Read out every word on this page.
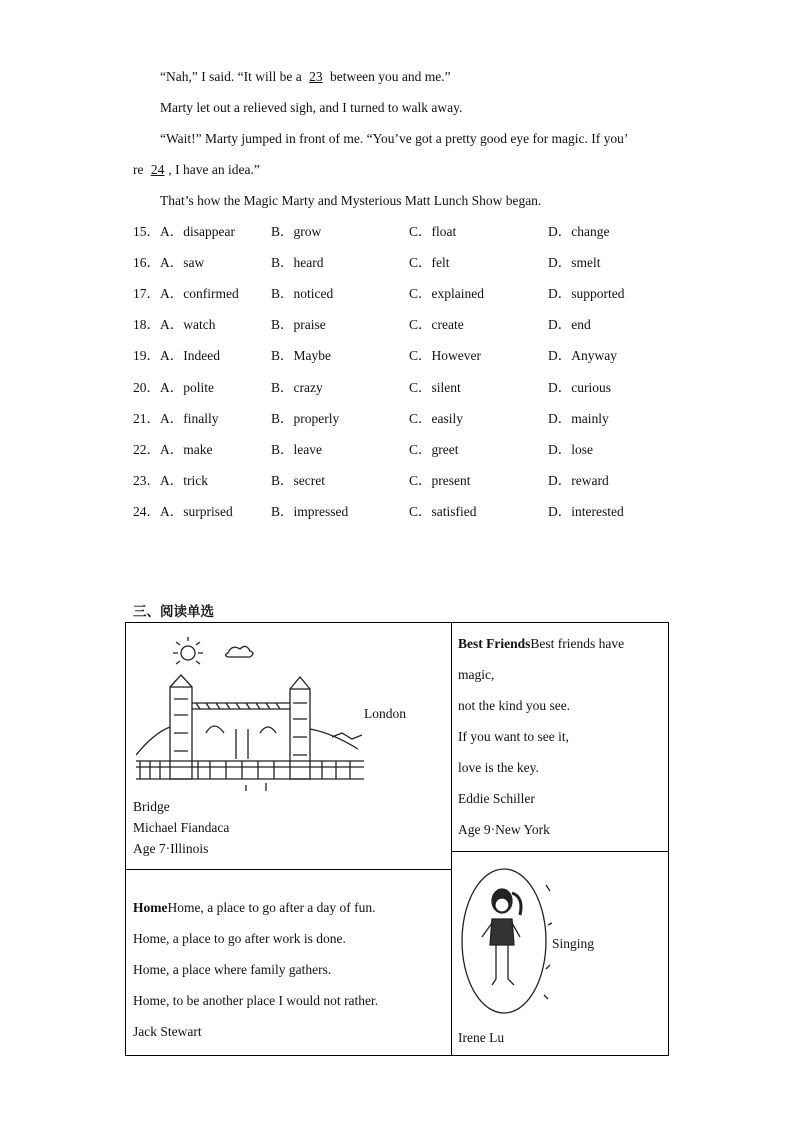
“Nah,” I said. “It will be a 23 between you and me.”
Marty let out a relieved sigh, and I turned to walk away.
“Wait!” Marty jumped in front of me. “You’ve got a pretty good eye for magic. If you’
re 24 , I have an idea.”
That’s how the Magic Marty and Mysterious Matt Lunch Show began.
15． A．disappear	B．grow	C．float	D．change
16． A．saw	B．heard	C．felt	D．smelt
17． A．confirmed B．noticed	C．explained	D．supported
18． A．watch	B．praise	C．create	D．end
19． A．Indeed	B．Maybe	C．However	D．Anyway
20． A．polite	B．crazy	C．silent	D．curious
21． A．finally	B．properly	C．easily	D．mainly
22． A．make	B．leave	C．greet	D．lose
23． A．trick	B．secret	C．present	D．reward
24． A．surprised	B．impressed	C．satisfied	D．interested
三、阅读单选
London
Bridge
Michael Fiandaca
Age 7·Illinois
Best FriendsBest friends have
magic,
not the kind you see.
If you want to see it,
love is the key.
Eddie Schiller
Age 9·New York
HomeHome, a place to go after a day of fun.
Home, a place to go after work is done.
Home, a place where family gathers.
Home, to be another place I would not rather.
Jack Stewart
Singing
Irene Lu
